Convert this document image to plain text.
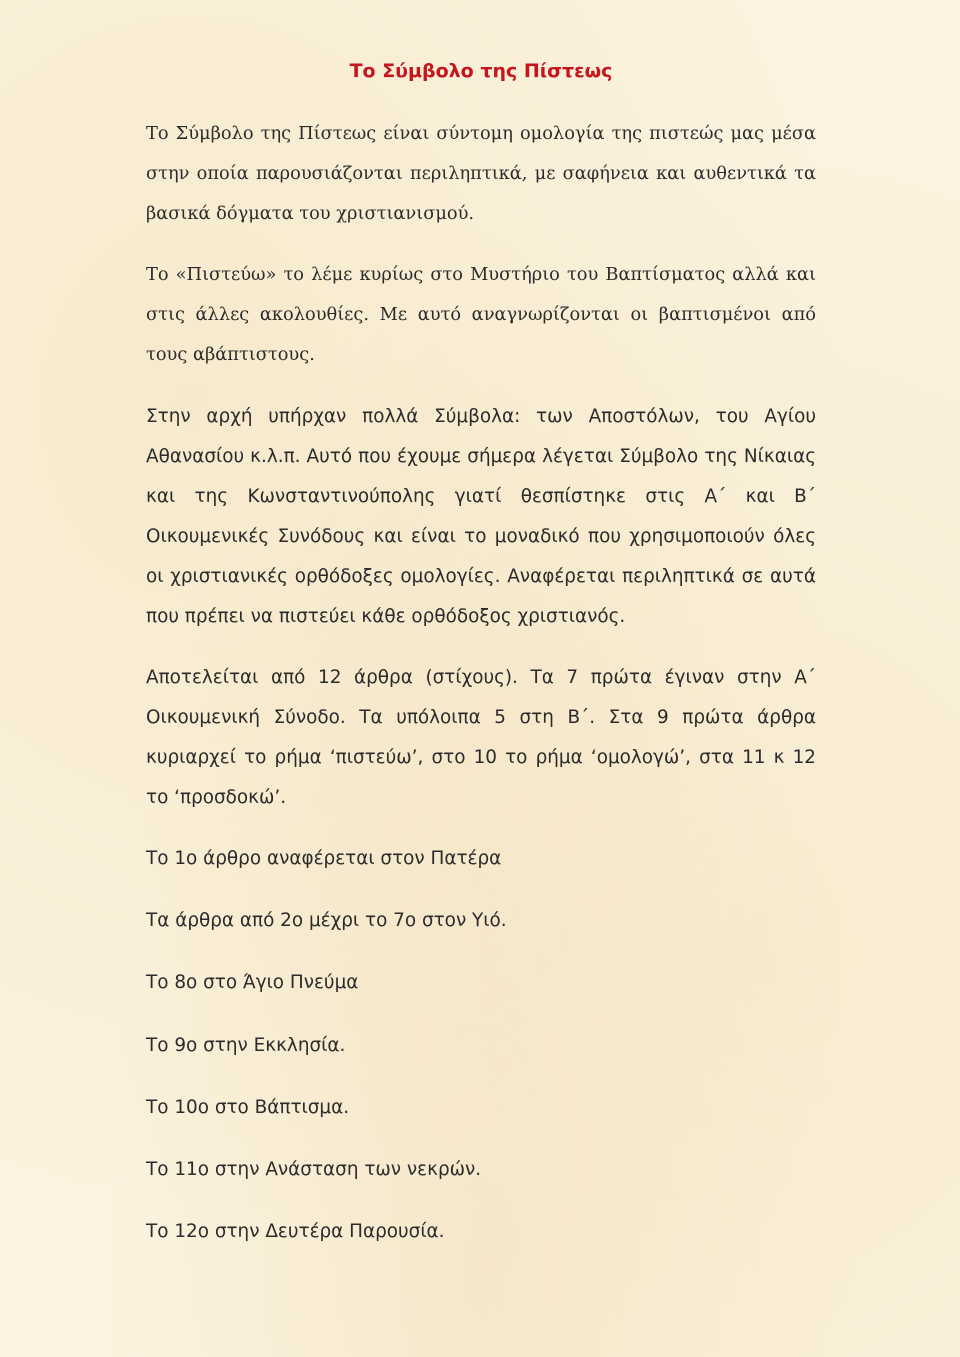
Το Σύμβολο της Πίστεως

Το Σύμβολο της Πίστεως είναι σύντομη ομολογία της πιστεώς μας μέσα στην οποία παρουσιάζονται περιληπτικά, με σαφήνεια και αυθεντικά τα βασικά δόγματα του χριστιανισμού.

Το «Πιστεύω» το λέμε κυρίως στο Μυστήριο του Βαπτίσματος αλλά και στις άλλες ακολουθίες. Με αυτό αναγνωρίζονται οι βαπτισμένοι από τους αβάπτιστους.

Στην αρχή υπήρχαν πολλά Σύμβολα: των Αποστόλων, του Αγίου Αθανασίου κ.λ.π. Αυτό που έχουμε σήμερα λέγεται Σύμβολο της Νίκαιας και της Κωνσταντινούπολης γιατί θεσπίστηκε στις Α΄ και Β΄ Οικουμενικές Συνόδους και είναι το μοναδικό που χρησιμοποιούν όλες οι χριστιανικές ορθόδοξες ομολογίες. Αναφέρεται περιληπτικά σε αυτά που πρέπει να πιστεύει κάθε ορθόδοξος χριστιανός.

Αποτελείται από 12 άρθρα (στίχους). Τα 7 πρώτα έγιναν στην Α΄ Οικουμενική Σύνοδο. Τα υπόλοιπα 5 στη Β΄. Στα 9 πρώτα άρθρα κυριαρχεί το ρήμα ‘πιστεύω’, στο 10 το ρήμα ‘ομολογώ’, στα 11 κ 12 το ‘προσδοκώ’.

Το 1ο άρθρο αναφέρεται στον Πατέρα

Τα άρθρα από 2ο μέχρι το 7ο στον Υιό.

Το 8ο στο Άγιο Πνεύμα

Το 9ο στην Εκκλησία.

Το 10ο στο Βάπτισμα.

Το 11ο στην Ανάσταση των νεκρών.

Το 12ο στην Δευτέρα Παρουσία.
